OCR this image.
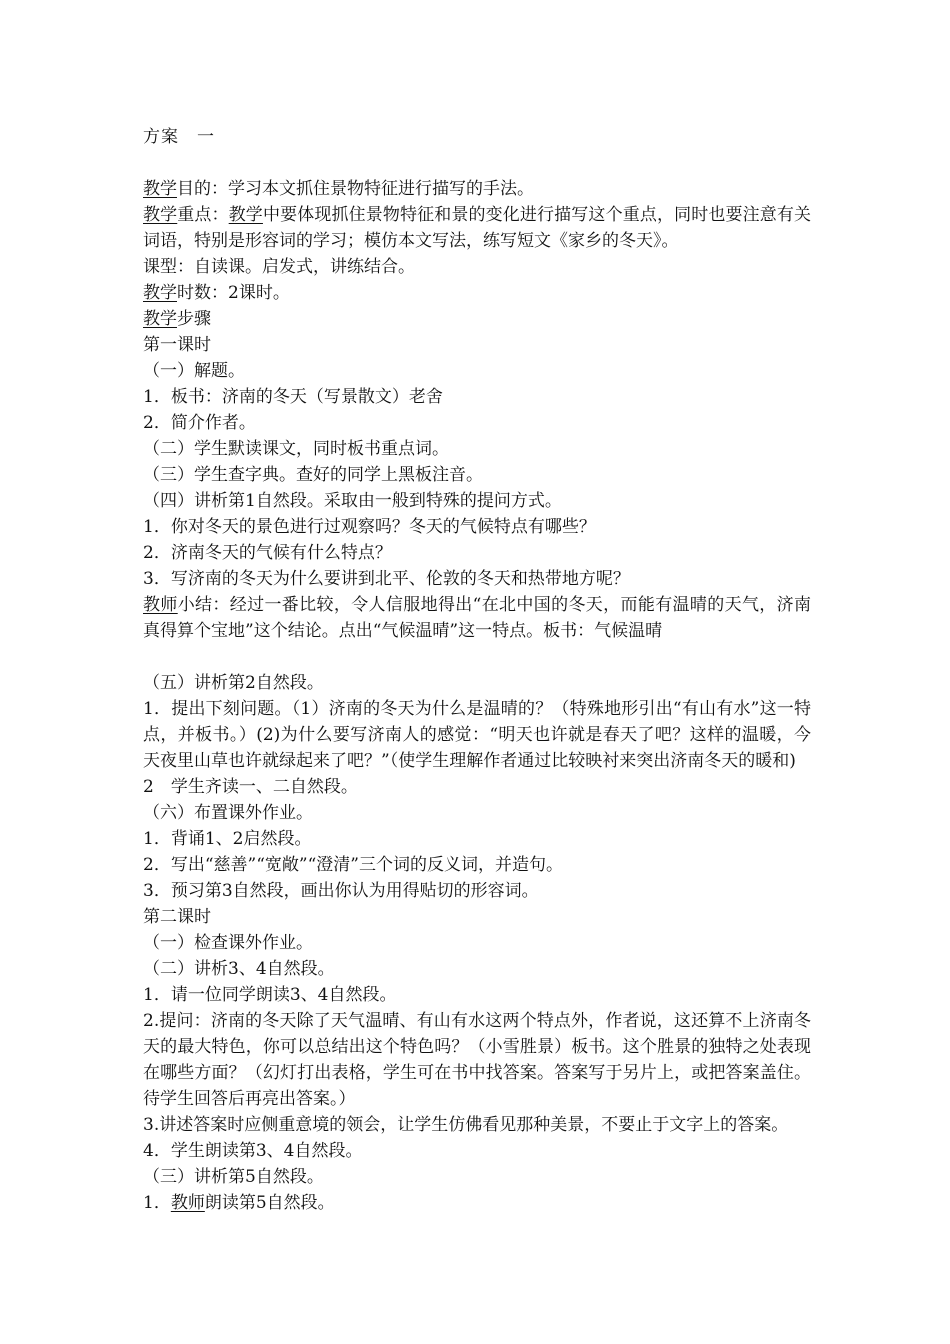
方案　一

教学目的：学习本文抓住景物特征进行描写的手法。

教学重点：教学中要体现抓住景物特征和景的变化进行描写这个重点，同时也要注意有关词语，特别是形容词的学习；模仿本文写法，练写短文《家乡的冬天》。

课型：自读课。启发式，讲练结合。

教学时数：2课时。

教学步骤

第一课时

（一）解题。

1．板书：济南的冬天（写景散文）老舍

2．简介作者。

（二）学生默读课文，同时板书重点词。

（三）学生查字典。查好的同学上黑板注音。

（四）讲析第1自然段。采取由一般到特殊的提问方式。

1．你对冬天的景色进行过观察吗？冬天的气候特点有哪些？

2．济南冬天的气候有什么特点？

3．写济南的冬天为什么要讲到北平、伦敦的冬天和热带地方呢？

教师小结：经过一番比较，令人信服地得出“在北中国的冬天，而能有温晴的天气，济南真得算个宝地”这个结论。点出“气候温晴”这一特点。板书：气候温晴

（五）讲析第2自然段。

1．提出下刻问题。（1）济南的冬天为什么是温晴的？（特殊地形引出“有山有水”这一特点，并板书。）(2)为什么要写济南人的感觉：“明天也许就是春天了吧？这样的温暖，今天夜里山草也许就绿起来了吧？”（使学生理解作者通过比较映衬来突出济南冬天的暖和)

2　学生齐读一、二自然段。

（六）布置课外作业。

1．背诵1、2启然段。

2．写出“慈善”“宽敞”“澄清”三个词的反义词，并造句。

3．预习第3自然段，画出你认为用得贴切的形容词。

第二课时

（一）检查课外作业。

（二）讲析3、4自然段。

1．请一位同学朗读3、4自然段。

2.提问：济南的冬天除了天气温晴、有山有水这两个特点外，作者说，这还算不上济南冬天的最大特色，你可以总结出这个特色吗？（小雪胜景）板书。这个胜景的独特之处表现在哪些方面？（幻灯打出表格，学生可在书中找答案。答案写于另片上，或把答案盖住。待学生回答后再亮出答案。）

3.讲述答案时应侧重意境的领会，让学生仿佛看见那种美景，不要止于文字上的答案。

4．学生朗读第3、4自然段。

（三）讲析第5自然段。

1．教师朗读第5自然段。
